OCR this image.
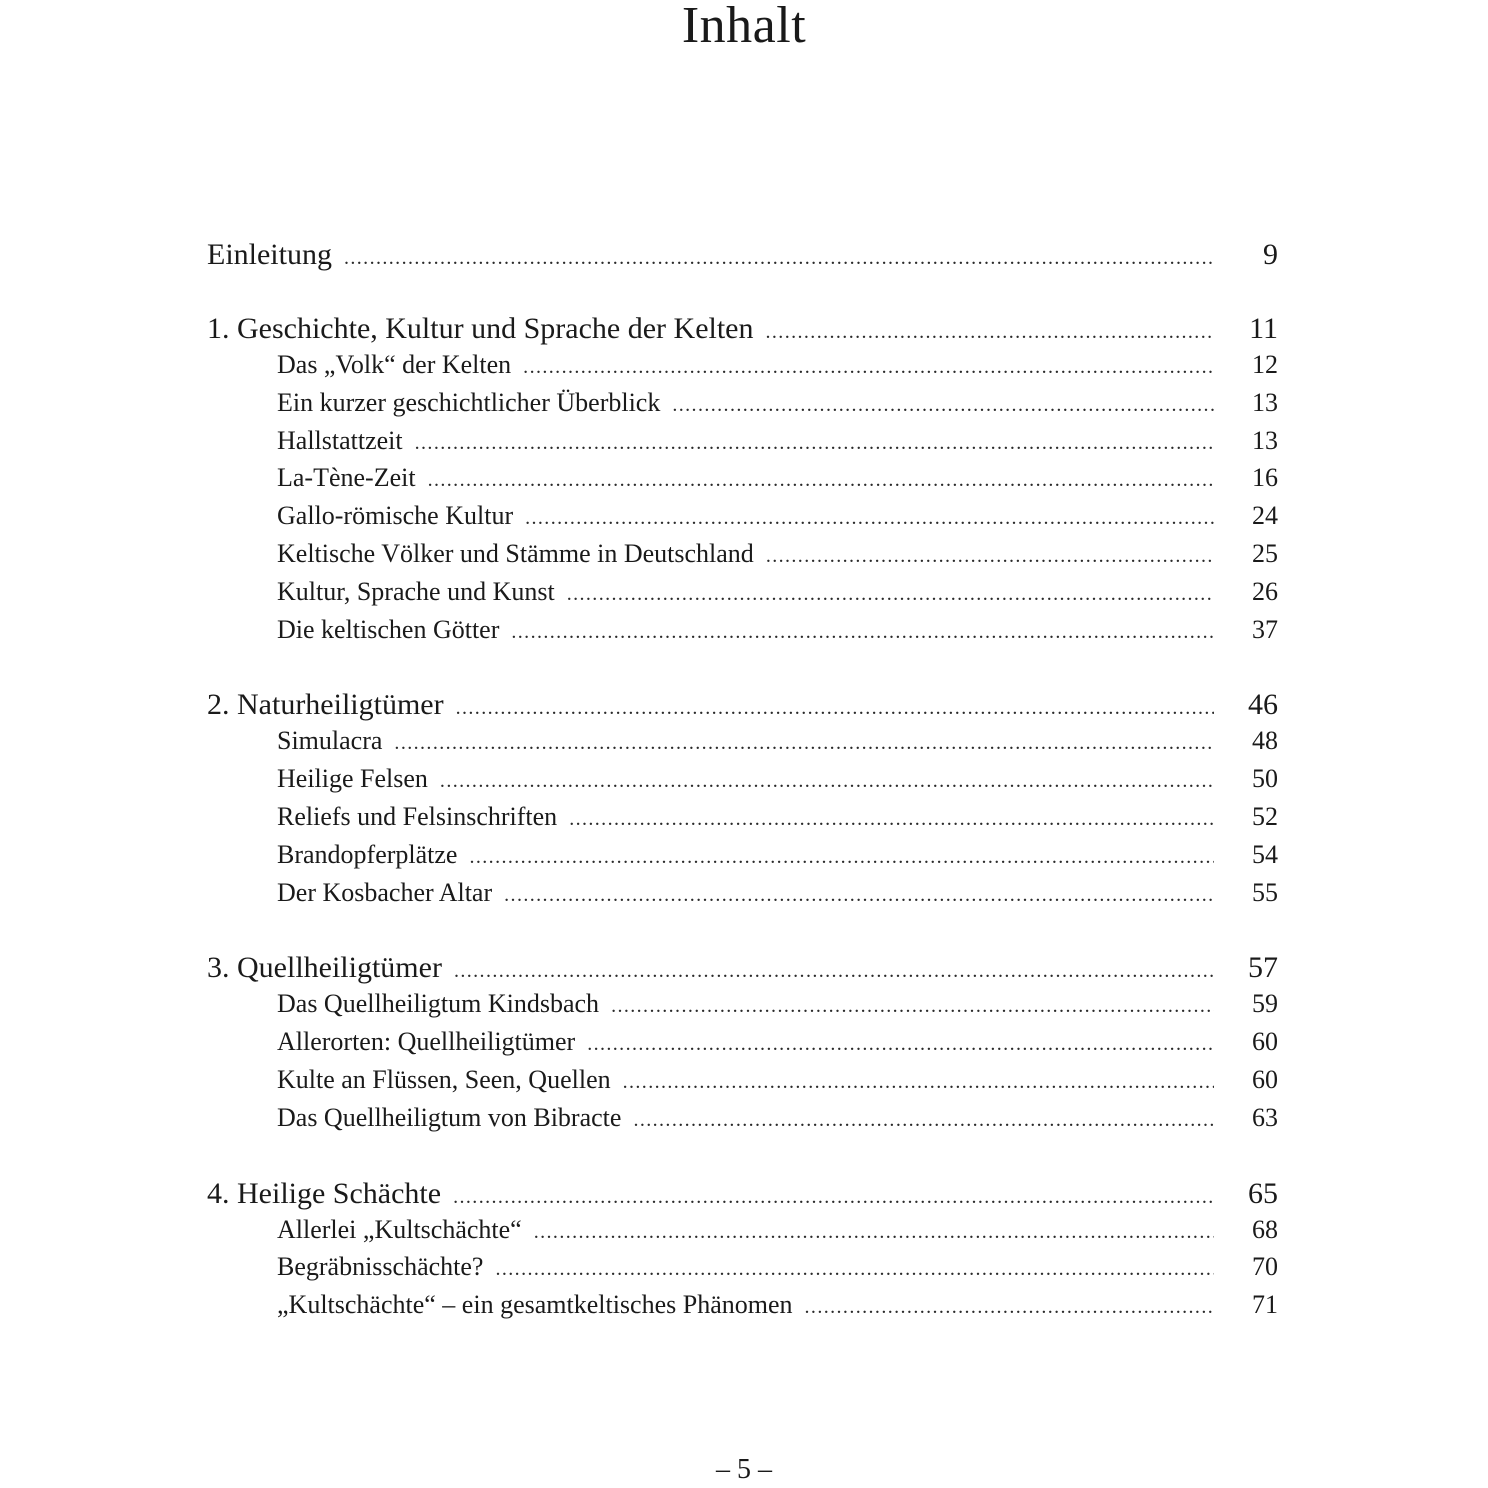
Inhalt
Einleitung .....	9
1. Geschichte, Kultur und Sprache der Kelten .....	11
Das „Volk“ der Kelten .....	12
Ein kurzer geschichtlicher Überblick .....	13
Hallstattzeit .....	13
La-Tène-Zeit .....	16
Gallo-römische Kultur .....	24
Keltische Völker und Stämme in Deutschland .....	25
Kultur, Sprache und Kunst .....	26
Die keltischen Götter .....	37
2. Naturheiligtümer .....	46
Simulacra .....	48
Heilige Felsen .....	50
Reliefs und Felsinschriften .....	52
Brandopferplätze .....	54
Der Kosbacher Altar .....	55
3. Quellheiligtümer .....	57
Das Quellheiligtum Kindsbach .....	59
Allerorten: Quellheiligtümer .....	60
Kulte an Flüssen, Seen, Quellen .....	60
Das Quellheiligtum von Bibracte .....	63
4. Heilige Schächte .....	65
Allerlei „Kultschächte“ .....	68
Begräbnisschächte? .....	70
„Kultschächte“ – ein gesamtkeltisches Phänomen .....	71
– 5 –
